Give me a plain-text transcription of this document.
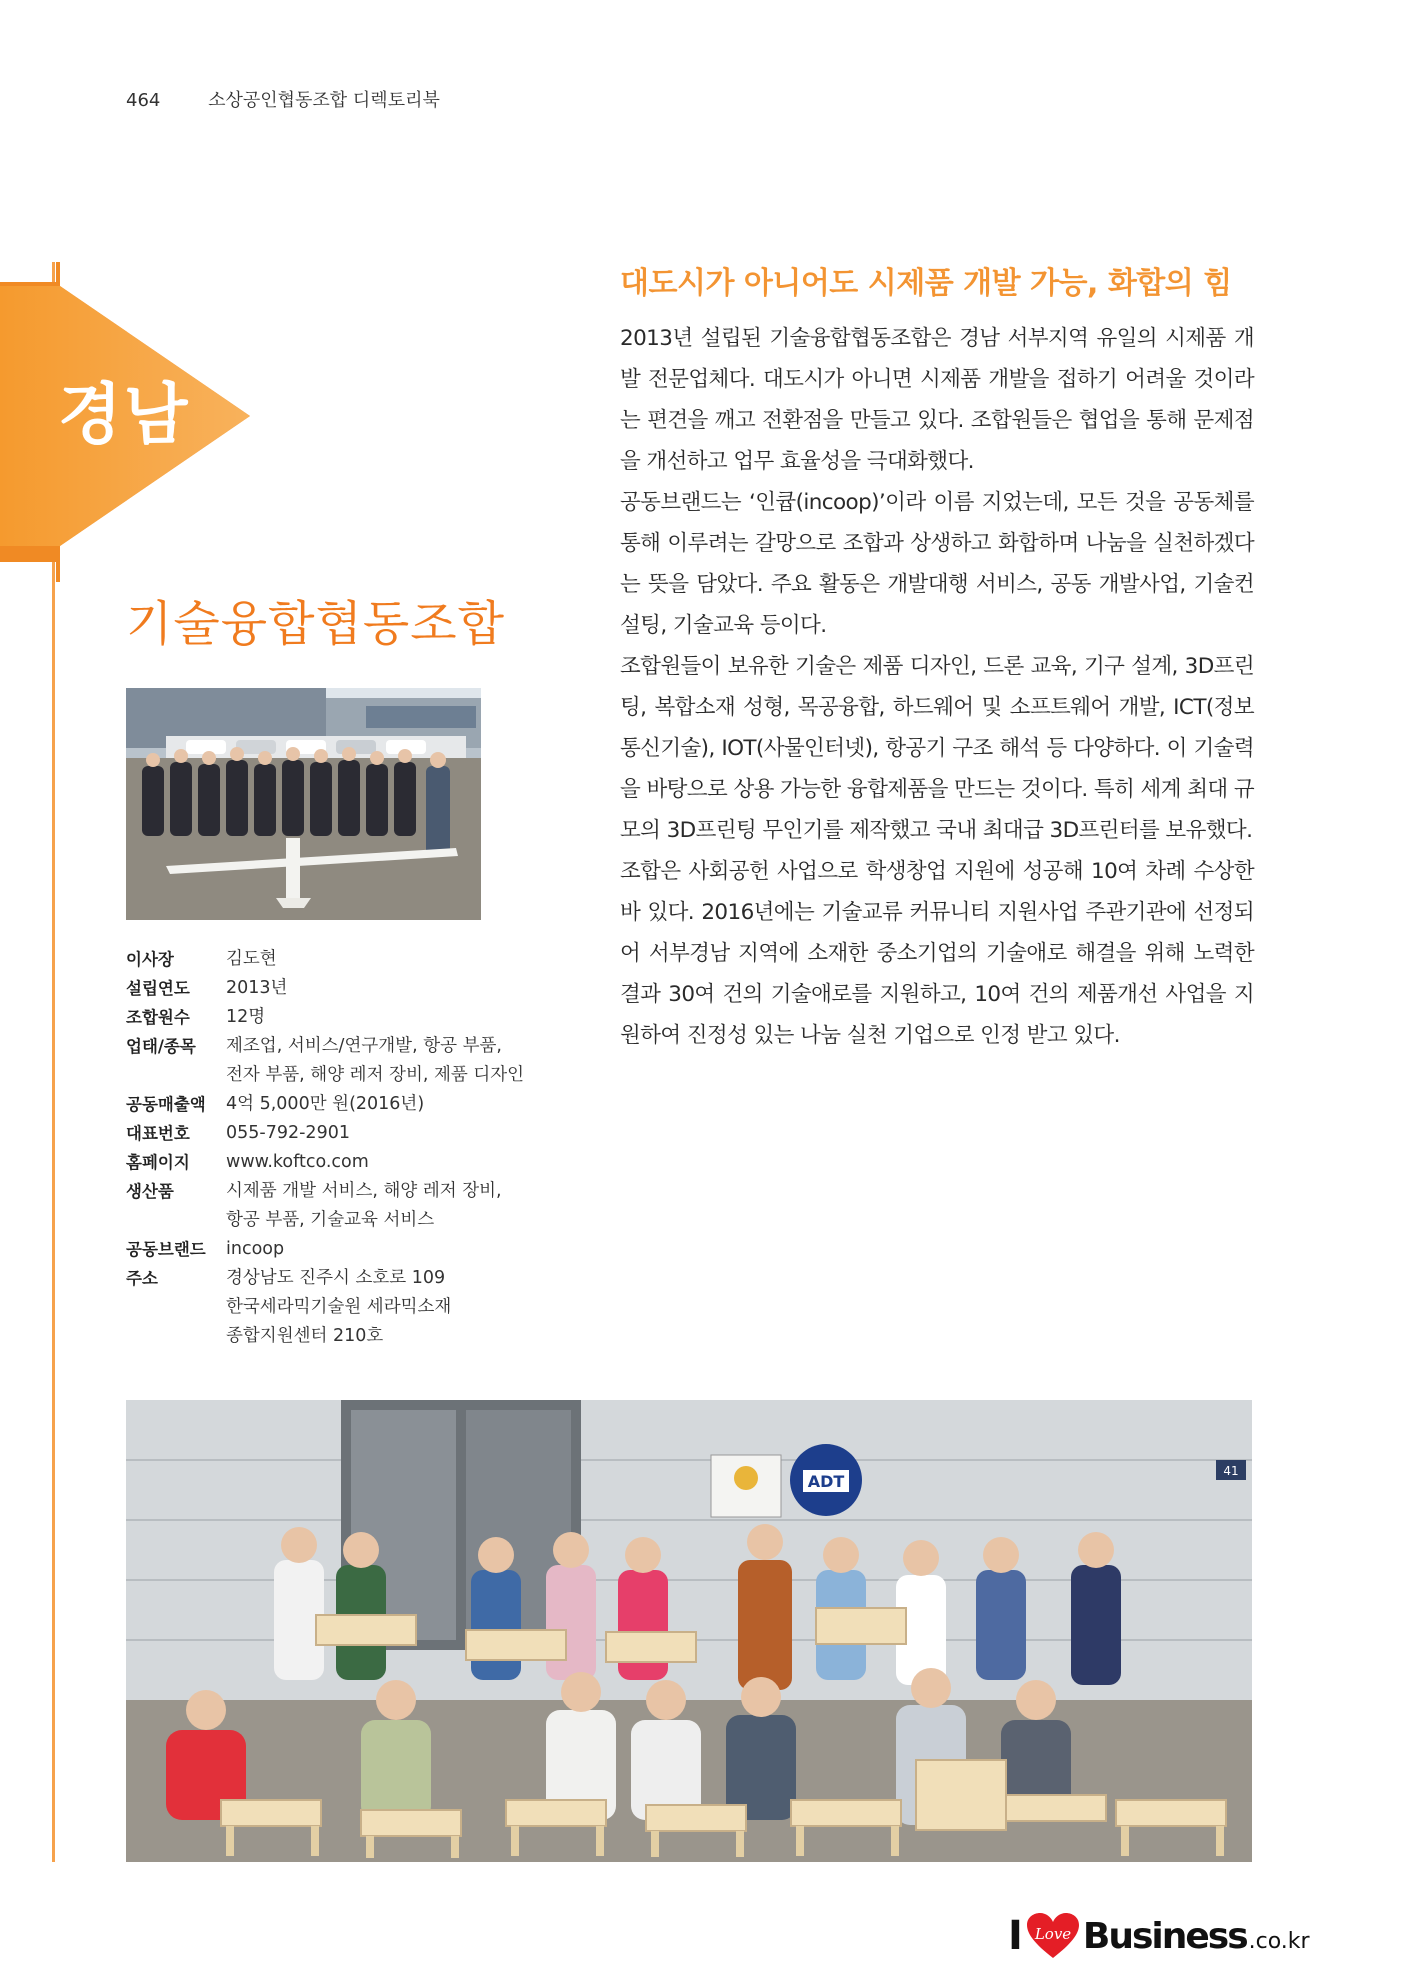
464	소상공인협동조합 디렉토리북
경남
기술융합협동조합
이사장	김도현
설립연도	2013년
조합원수	12명
업태/종목	제조업, 서비스/연구개발, 항공 부품,
전자 부품, 해양 레저 장비, 제품 디자인
공동매출액	4억 5,000만 원(2016년)
대표번호	055-792-2901
홈페이지	www.koftco.com
생산품	시제품 개발 서비스, 해양 레저 장비,
항공 부품, 기술교육 서비스
공동브랜드	incoop
주소	경상남도 진주시 소호로 109
한국세라믹기술원 세라믹소재
종합지원센터 210호
대도시가 아니어도 시제품 개발 가능, 화합의 힘

2013년 설립된 기술융합협동조합은 경남 서부지역 유일의 시제품 개발 전문업체다. 대도시가 아니면 시제품 개발을 접하기 어려울 것이라는 편견을 깨고 전환점을 만들고 있다. 조합원들은 협업을 통해 문제점을 개선하고 업무 효율성을 극대화했다.

공동브랜드는 ‘인큡(incoop)’이라 이름 지었는데, 모든 것을 공동체를 통해 이루려는 갈망으로 조합과 상생하고 화합하며 나눔을 실천하겠다는 뜻을 담았다. 주요 활동은 개발대행 서비스, 공동 개발사업, 기술컨설팅, 기술교육 등이다.

조합원들이 보유한 기술은 제품 디자인, 드론 교육, 기구 설계, 3D프린팅, 복합소재 성형, 목공융합, 하드웨어 및 소프트웨어 개발, ICT(정보통신기술), IOT(사물인터넷), 항공기 구조 해석 등 다양하다. 이 기술력을 바탕으로 상용 가능한 융합제품을 만드는 것이다. 특히 세계 최대 규모의 3D프린팅 무인기를 제작했고 국내 최대급 3D프린터를 보유했다.

조합은 사회공헌 사업으로 학생창업 지원에 성공해 10여 차례 수상한 바 있다. 2016년에는 기술교류 커뮤니티 지원사업 주관기관에 선정되어 서부경남 지역에 소재한 중소기업의 기술애로 해결을 위해 노력한 결과 30여 건의 기술애로를 지원하고, 10여 건의 제품개선 사업을 지원하여 진정성 있는 나눔 실천 기업으로 인정 받고 있다.

ADT
41
I Love Business .co.kr
